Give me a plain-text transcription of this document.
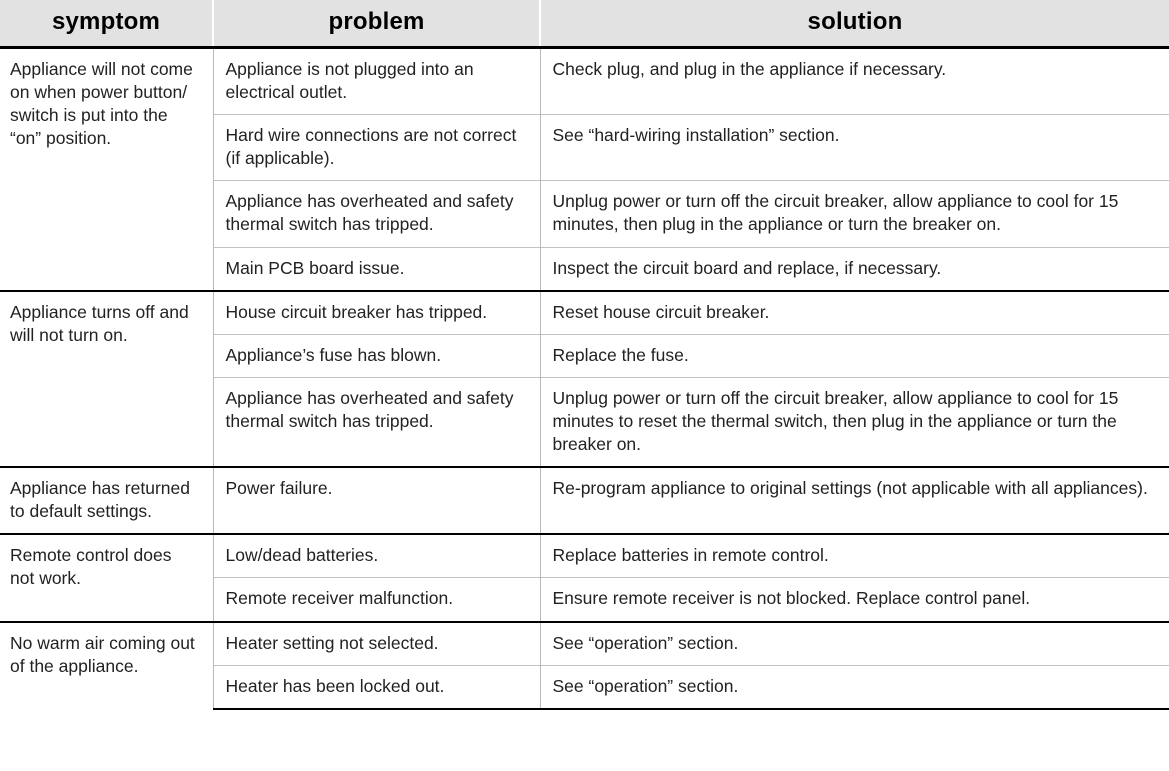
symptom	problem	solution
Appliance will not come on when power button/ switch is put into the “on” position.	Appliance is not plugged into an electrical outlet.	Check plug, and plug in the appliance if necessary.
	Hard wire connections are not correct (if applicable).	See “hard-wiring installation” section.
	Appliance has overheated and safety thermal switch has tripped.	Unplug power or turn off the circuit breaker, allow appliance to cool for 15 minutes, then plug in the appliance or turn the breaker on.
	Main PCB board issue.	Inspect the circuit board and replace, if necessary.
Appliance turns off and will not turn on.	House circuit breaker has tripped.	Reset house circuit breaker.
	Appliance’s fuse has blown.	Replace the fuse.
	Appliance has overheated and safety thermal switch has tripped.	Unplug power or turn off the circuit breaker, allow appliance to cool for 15 minutes to reset the thermal switch, then plug in the appliance or turn the breaker on.
Appliance has returned to default settings.	Power failure.	Re-program appliance to original settings (not applicable with all appliances).
Remote control does not work.	Low/dead batteries.	Replace batteries in remote control.
	Remote receiver malfunction.	Ensure remote receiver is not blocked. Replace control panel.
No warm air coming out of the appliance.	Heater setting not selected.	See “operation” section.
	Heater has been locked out.	See “operation” section.
